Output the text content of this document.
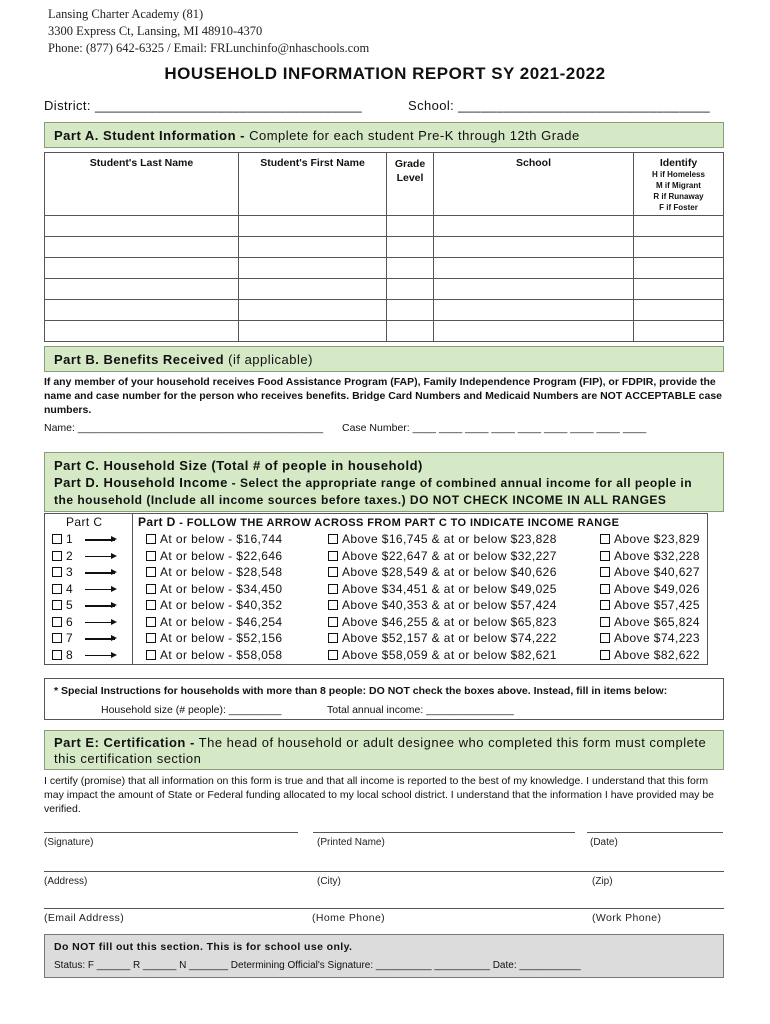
Lansing Charter Academy (81)
3300 Express Ct, Lansing, MI 48910-4370
Phone: (877) 642-6325 / Email: FRLunchinfo@nhaschools.com
HOUSEHOLD INFORMATION REPORT SY 2021-2022
District: ___________________________________	School: _________________________________
Part A. Student Information - Complete for each student Pre-K through 12th Grade
Student's Last Name	Student's First Name	Grade Level	School	Identify
H if Homeless
M if Migrant
R if Runaway
F if Foster

Part B. Benefits Received (if applicable)
If any member of your household receives Food Assistance Program (FAP), Family Independence Program (FIP), or FDPIR, provide the name and case number for the person who receives benefits. Bridge Card Numbers and Medicaid Numbers are NOT ACCEPTABLE case numbers.
Name: __________________________________________ Case Number: ____ ____ ____ ____ ____ ____ ____ ____ ____
Part C. Household Size (Total # of people in household)
Part D. Household Income - Select the appropriate range of combined annual income for all people in the household (Include all income sources before taxes.) DO NOT CHECK INCOME IN ALL RANGES
Part C	Part D - FOLLOW THE ARROW ACROSS FROM PART C TO INDICATE INCOME RANGE
1	At or below - $16,744	Above $16,745 & at or below $23,828	Above $23,829
2	At or below - $22,646	Above $22,647 & at or below $32,227	Above $32,228
3	At or below - $28,548	Above $28,549 & at or below $40,626	Above $40,627
4	At or below - $34,450	Above $34,451 & at or below $49,025	Above $49,026
5	At or below - $40,352	Above $40,353 & at or below $57,424	Above $57,425
6	At or below - $46,254	Above $46,255 & at or below $65,823	Above $65,824
7	At or below - $52,156	Above $52,157 & at or below $74,222	Above $74,223
8	At or below - $58,058	Above $58,059 & at or below $82,621	Above $82,622
* Special Instructions for households with more than 8 people: DO NOT check the boxes above. Instead, fill in items below:
Household size (# people): _________	Total annual income: _______________
Part E: Certification - The head of household or adult designee who completed this form must complete this certification section
I certify (promise) that all information on this form is true and that all income is reported to the best of my knowledge. I understand that this form may impact the amount of State or Federal funding allocated to my local school district. I understand that the information I have provided may be verified.
(Signature)	(Printed Name)	(Date)
(Address)	(City)	(Zip)
(Email Address)	(Home Phone)	(Work Phone)
Do NOT fill out this section. This is for school use only.
Status: F ______ R ______ N _______ Determining Official's Signature: __________ __________ Date: ___________
